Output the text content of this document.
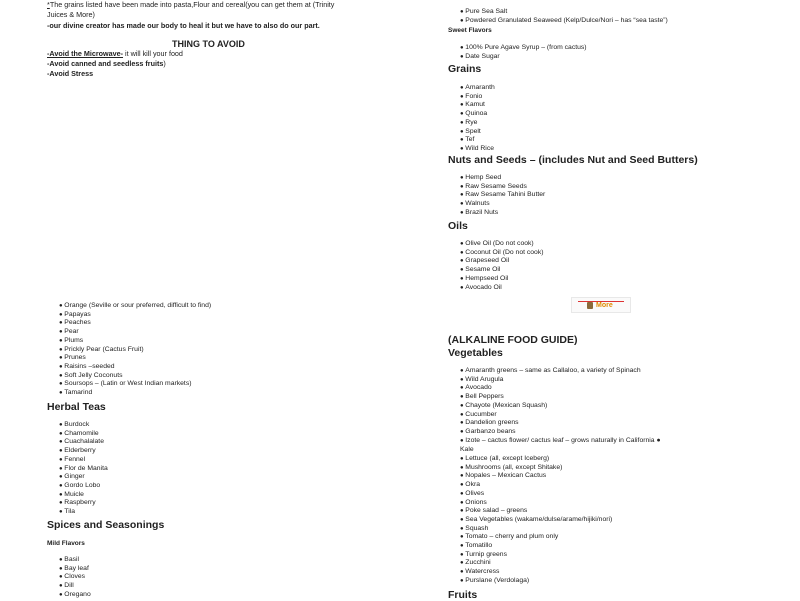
*The grains listed have been made into pasta,Flour and cereal(you can get them at (Trinity
Juices & More)
-our divine creator has made our body to heal it but we have to also do our part.
THING TO AVOID
-Avoid the Microwave- it will kill your food
-Avoid canned and seedless fruits)
-Avoid Stress
● Orange (Seville or sour preferred, difficult to find)
● Papayas
● Peaches
● Pear
● Plums
● Prickly Pear (Cactus Fruit)
● Prunes
● Raisins –seeded
● Soft Jelly Coconuts
● Soursops – (Latin or West Indian markets)
● Tamarind
Herbal Teas
● Burdock
● Chamomile
● Cuachalalate
● Elderberry
● Fennel
● Flor de Manita
● Ginger
● Gordo Lobo
● Muicle
● Raspberry
● Tila
Spices and Seasonings
Mild Flavors
● Basil
● Bay leaf
● Cloves
● Dill
● Oregano
● Pure Sea Salt
● Powdered Granulated Seaweed (Kelp/Dulce/Nori – has “sea taste”)
Sweet Flavors
● 100% Pure Agave Syrup – (from cactus)
● Date Sugar
Grains
● Amaranth
● Fonio
● Kamut
● Quinoa
● Rye
● Spelt
● Tef
● Wild Rice
Nuts and Seeds – (includes Nut and Seed Butters)
● Hemp Seed
● Raw Sesame Seeds
● Raw Sesame Tahini Butter
● Walnuts
● Brazil Nuts
Oils
● Olive Oil (Do not cook)
● Coconut Oil (Do not cook)
● Grapeseed Oil
● Sesame Oil
● Hempseed Oil
● Avocado Oil
More
(ALKALINE FOOD GUIDE)
Vegetables
● Amaranth greens – same as Callaloo, a variety of Spinach
● Wild Arugula
● Avocado
● Bell Peppers
● Chayote (Mexican Squash)
● Cucumber
● Dandelion greens
● Garbanzo beans
● Izote – cactus flower/ cactus leaf – grows naturally in California ●
Kale
● Lettuce (all, except Iceberg)
● Mushrooms (all, except Shitake)
● Nopales – Mexican Cactus
● Okra
● Olives
● Onions
● Poke salad – greens
● Sea Vegetables (wakame/dulse/arame/hijiki/nori)
● Squash
● Tomato – cherry and plum only
● Tomatillo
● Turnip greens
● Zucchini
● Watercress
● Purslane (Verdolaga)
Fruits
